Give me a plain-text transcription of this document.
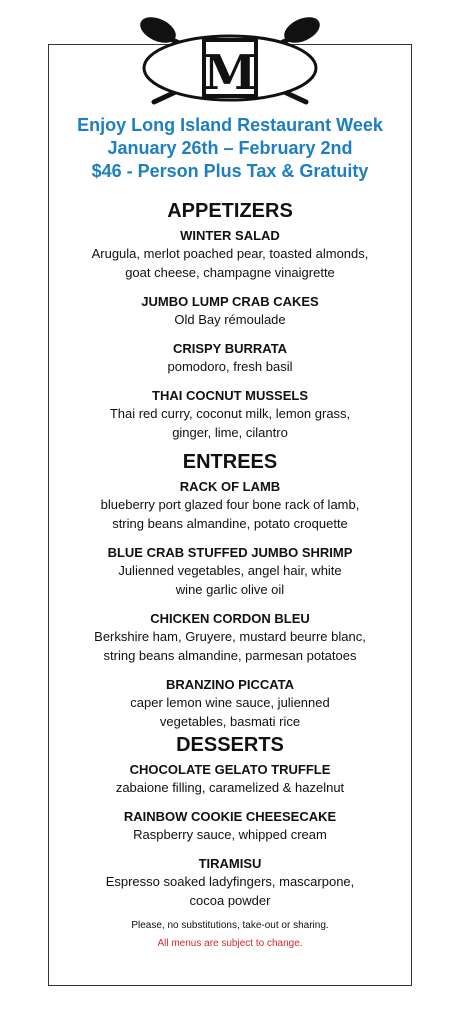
M
Enjoy Long Island Restaurant Week
January 26th – February 2nd
$46 - Person Plus Tax & Gratuity
APPETIZERS
WINTER SALAD
Arugula, merlot poached pear, toasted almonds,
goat cheese, champagne vinaigrette
JUMBO LUMP CRAB CAKES
Old Bay rémoulade
CRISPY BURRATA
pomodoro, fresh basil
THAI COCNUT MUSSELS
Thai red curry, coconut milk, lemon grass,
ginger, lime, cilantro
ENTREES
RACK OF LAMB
blueberry port glazed four bone rack of lamb,
string beans almandine, potato croquette
BLUE CRAB STUFFED JUMBO SHRIMP
Julienned vegetables, angel hair, white
wine garlic olive oil
CHICKEN CORDON BLEU
Berkshire ham, Gruyere, mustard beurre blanc,
string beans almandine, parmesan potatoes
BRANZINO PICCATA
caper lemon wine sauce, julienned
vegetables, basmati rice
DESSERTS
CHOCOLATE GELATO TRUFFLE
zabaione filling, caramelized & hazelnut
RAINBOW COOKIE CHEESECAKE
Raspberry sauce, whipped cream
TIRAMISU
Espresso soaked ladyfingers, mascarpone,
cocoa powder
Please, no substitutions, take-out or sharing.
All menus are subject to change.
